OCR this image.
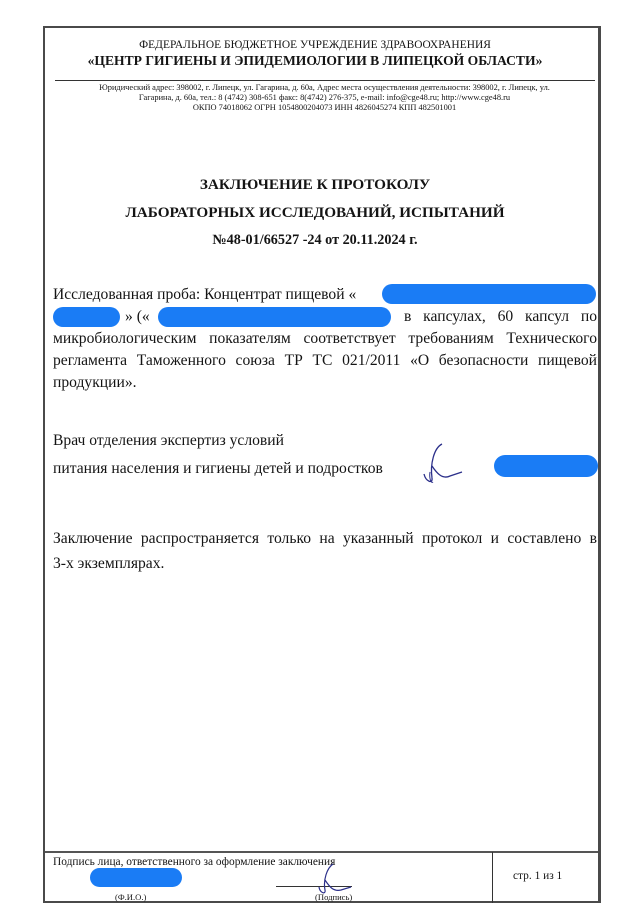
ФЕДЕРАЛЬНОЕ БЮДЖЕТНОЕ УЧРЕЖДЕНИЕ ЗДРАВООХРАНЕНИЯ
«ЦЕНТР ГИГИЕНЫ И ЭПИДЕМИОЛОГИИ В ЛИПЕЦКОЙ ОБЛАСТИ»
Юридический адрес: 398002, г. Липецк, ул. Гагарина, д. 60а, Адрес места осуществления деятельности: 398002, г. Липецк, ул.
Гагарина, д. 60а, тел.: 8 (4742) 308-651 факс: 8(4742) 276-375, e-mail: info@cge48.ru; http://www.cge48.ru
ОКПО 74018062 ОГРН 1054800204073 ИНН 4826045274 КПП 482501001
ЗАКЛЮЧЕНИЕ К ПРОТОКОЛУ
ЛАБОРАТОРНЫХ ИССЛЕДОВАНИЙ, ИСПЫТАНИЙ
№48-01/66527 -24 от 20.11.2024 г.
Исследованная проба: Концентрат пищевой «
» («	в капсулах, 60 капсул по
микробиологическим показателям соответствует требованиям Технического
регламента Таможенного союза ТР ТС 021/2011 «О безопасности пищевой
продукции».
Врач отделения экспертиз условий
питания населения и гигиены детей и подростков
Заключение распространяется только на указанный протокол и составлено в
3-х экземплярах.
Подпись лица, ответственного за оформление заключения
(Ф.И.О.)	(Подпись)
стр. 1 из 1
